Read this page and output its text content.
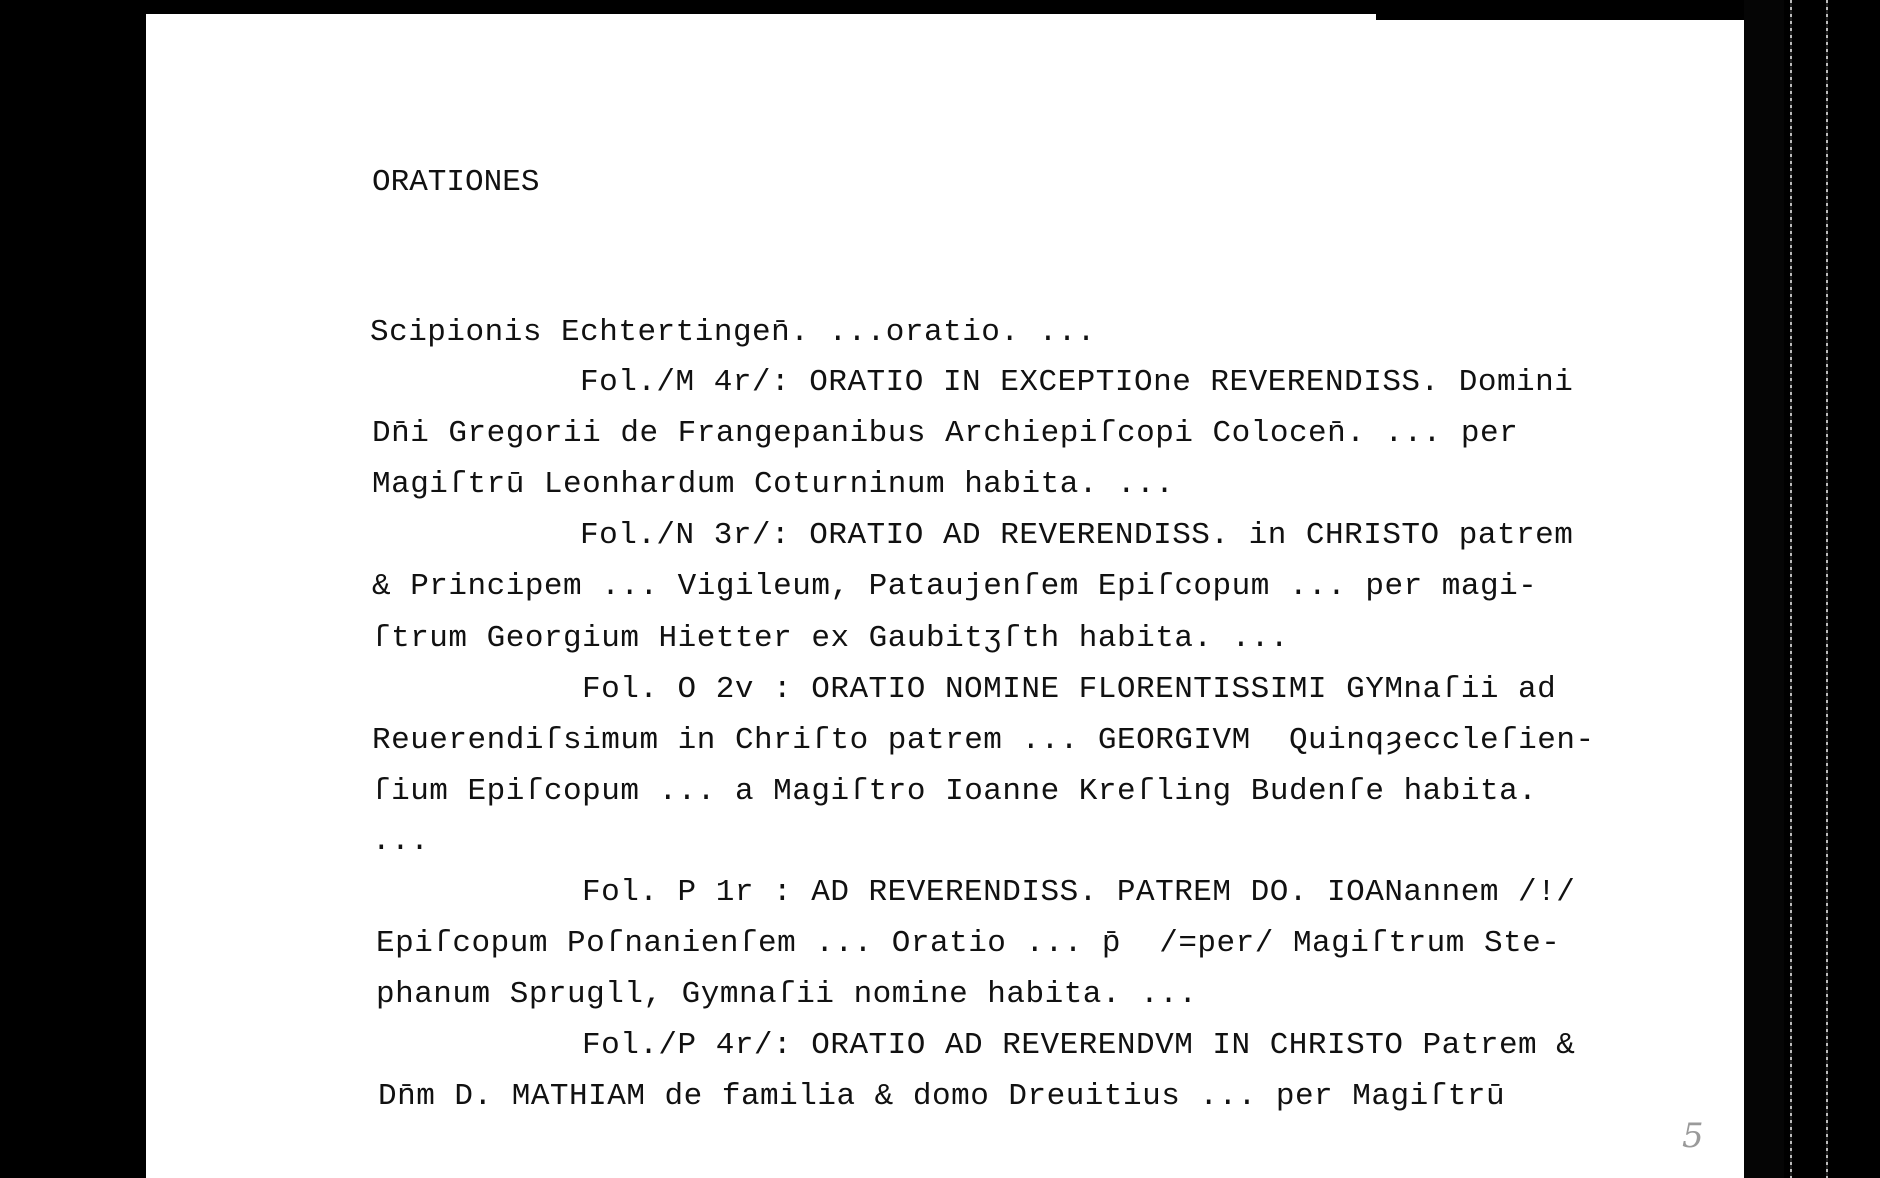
ORATIONES
Scipionis Echtertingen̄. ...oratio. ...
Fol./M 4r/: ORATIO IN EXCEPTIOne REVERENDISS. Domini
Dn̄i Gregorii de Frangepanibus Archiepiſcopi Colocen̄. ... per
Magiſtrū Leonhardum Coturninum habita. ...
Fol./N 3r/: ORATIO AD REVERENDISS. in CHRISTO patrem
& Principem ... Vigileum, Pataujenſem Epiſcopum ... per magi-
ſtrum Georgium Hietter ex Gaubitʒſth habita. ...
Fol. O 2v : ORATIO NOMINE FLORENTISSIMI GYMnaſii ad
Reuerendiſsimum in Chriſto patrem ... GEORGIVM  Quinqȝeccleſien-
ſium Epiſcopum ... a Magiſtro Ioanne Kreſling Budenſe habita.
...
Fol. P 1r : AD REVERENDISS. PATREM DO. IOANannem /!/
Epiſcopum Poſnanienſem ... Oratio ... p̄  /=per/ Magiſtrum Ste-
phanum Sprugll, Gymnaſii nomine habita. ...
Fol./P 4r/: ORATIO AD REVERENDVM IN CHRISTO Patrem &
Dn̄m D. MATHIAM de familia & domo Dreuitius ... per Magiſtrū
5
